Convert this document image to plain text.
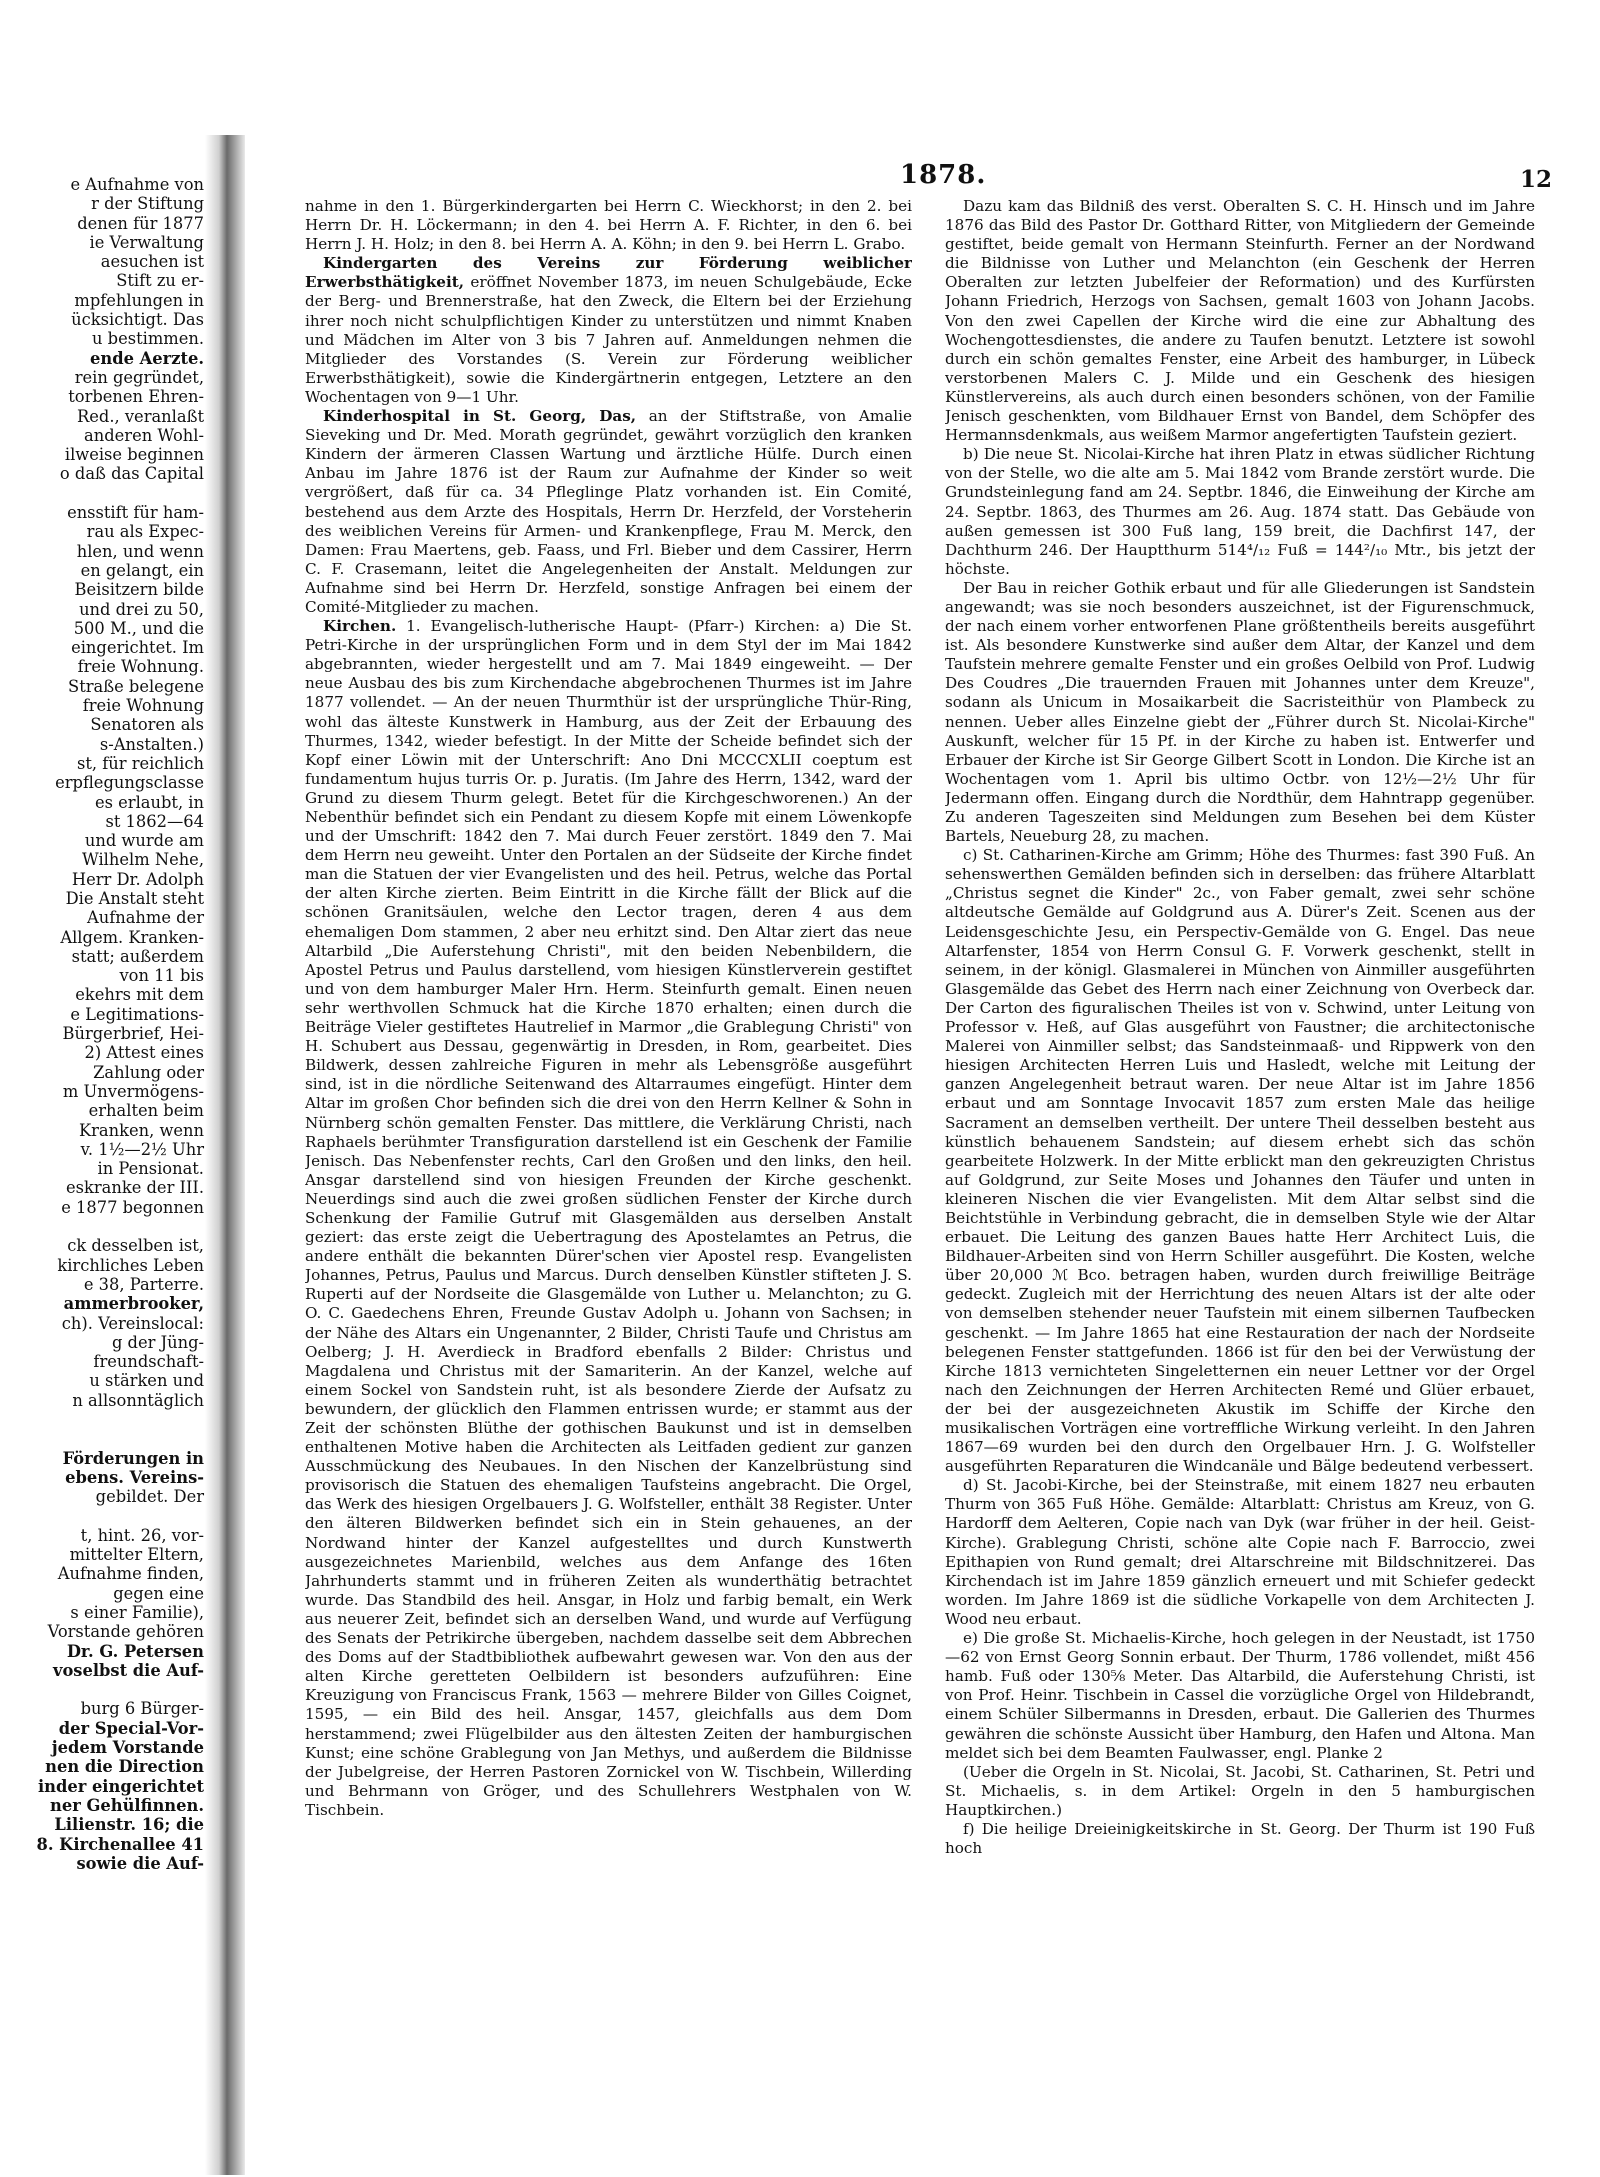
e Aufnahme von
r der Stiftung
denen für 1877
ie Verwaltung
aesuchen ist
Stift zu er-
mpfehlungen in
ücksichtigt. Das
u bestimmen.
ende Aerzte.
rein gegründet,
torbenen Ehren-
Red., veranlaßt
anderen Wohl-
ilweise beginnen
o daß das Capital

ensstift für ham-
rau als Expec-
hlen, und wenn
en gelangt, ein
Beisitzern bilde
und drei zu 50,
500 M., und die
eingerichtet. Im
freie Wohnung.
Straße belegene
freie Wohnung
Senatoren als
s-Anstalten.)
st, für reichlich
erpflegungsclasse
es erlaubt, in
st 1862—64
und wurde am
Wilhelm Nehe,
Herr Dr. Adolph
Die Anstalt steht
Aufnahme der
Allgem. Kranken-
statt; außerdem
von 11 bis
ekehrs mit dem
e Legitimations-
Bürgerbrief, Hei-
2) Attest eines
Zahlung oder
m Unvermögens-
erhalten beim
Kranken, wenn
v. 1½—2½ Uhr
in Pensionat.
eskranke der III.
e 1877 begonnen

ck desselben ist,
kirchliches Leben
e 38, Parterre.
ammerbrooker,
ch). Vereinslocal:
g der Jüng-
freundschaft-
u stärken und
n allsonntäglich

Förderungen in
ebens. Vereins-
gebildet. Der

t, hint. 26, vor-
mittelter Eltern,
Aufnahme finden,
gegen eine
s einer Familie),
Vorstande gehören
Dr. G. Petersen
voselbst die Auf-

burg 6 Bürger-
der Special-Vor-
jedem Vorstande
nen die Direction
inder eingerichtet
ner Gehülfinnen.
Lilienstr. 16; die
8. Kirchenallee 41
sowie die Auf-
1878.	12

nahme in den 1. Bürgerkindergarten bei Herrn C. Wieckhorst; in den 2. bei Herrn Dr. H. Löckermann; in den 4. bei Herrn A. F. Richter, in den 6. bei Herrn J. H. Holz; in den 8. bei Herrn A. A. Köhn; in den 9. bei Herrn L. Grabo.

Kindergarten des Vereins zur Förderung weiblicher Erwerbsthätigkeit, eröffnet November 1873, im neuen Schulgebäude, Ecke der Berg- und Brennerstraße, hat den Zweck, die Eltern bei der Erziehung ihrer noch nicht schulpflichtigen Kinder zu unterstützen und nimmt Knaben und Mädchen im Alter von 3 bis 7 Jahren auf. Anmeldungen nehmen die Mitglieder des Vorstandes (S. Verein zur Förderung weiblicher Erwerbsthätigkeit), sowie die Kindergärtnerin entgegen, Letztere an den Wochentagen von 9—1 Uhr.

Kinderhospital in St. Georg, Das, an der Stiftstraße, von Amalie Sieveking und Dr. Med. Morath gegründet, gewährt vorzüglich den kranken Kindern der ärmeren Classen Wartung und ärztliche Hülfe. Durch einen Anbau im Jahre 1876 ist der Raum zur Aufnahme der Kinder so weit vergrößert, daß für ca. 34 Pfleglinge Platz vorhanden ist. Ein Comité, bestehend aus dem Arzte des Hospitals, Herrn Dr. Herzfeld, der Vorsteherin des weiblichen Vereins für Armen- und Krankenpflege, Frau M. Merck, den Damen: Frau Maertens, geb. Faass, und Frl. Bieber und dem Cassirer, Herrn C. F. Crasemann, leitet die Angelegenheiten der Anstalt. Meldungen zur Aufnahme sind bei Herrn Dr. Herzfeld, sonstige Anfragen bei einem der Comité-Mitglieder zu machen.

Kirchen. 1. Evangelisch-lutherische Haupt- (Pfarr-) Kirchen: a) Die St. Petri-Kirche in der ursprünglichen Form und in dem Styl der im Mai 1842 abgebrannten, wieder hergestellt und am 7. Mai 1849 eingeweiht. — Der neue Ausbau des bis zum Kirchendache abgebrochenen Thurmes ist im Jahre 1877 vollendet. — An der neuen Thurmthür ist der ursprüngliche Thür-Ring, wohl das älteste Kunstwerk in Hamburg, aus der Zeit der Erbauung des Thurmes, 1342, wieder befestigt. In der Mitte der Scheide befindet sich der Kopf einer Löwin mit der Unterschrift: Ano Dni MCCCXLII coeptum est fundamentum hujus turris Or. p. Juratis. (Im Jahre des Herrn, 1342, ward der Grund zu diesem Thurm gelegt. Betet für die Kirchgeschworenen.) An der Nebenthür befindet sich ein Pendant zu diesem Kopfe mit einem Löwenkopfe und der Umschrift: 1842 den 7. Mai durch Feuer zerstört. 1849 den 7. Mai dem Herrn neu geweiht. Unter den Portalen an der Südseite der Kirche findet man die Statuen der vier Evangelisten und des heil. Petrus, welche das Portal der alten Kirche zierten. Beim Eintritt in die Kirche fällt der Blick auf die schönen Granitsäulen, welche den Lector tragen, deren 4 aus dem ehemaligen Dom stammen, 2 aber neu erhitzt sind. Den Altar ziert das neue Altarbild „Die Auferstehung Christi", mit den beiden Nebenbildern, die Apostel Petrus und Paulus darstellend, vom hiesigen Künstlerverein gestiftet und von dem hamburger Maler Hrn. Herm. Steinfurth gemalt. Einen neuen sehr werthvollen Schmuck hat die Kirche 1870 erhalten; einen durch die Beiträge Vieler gestiftetes Hautrelief in Marmor „die Grablegung Christi" von H. Schubert aus Dessau, gegenwärtig in Dresden, in Rom, gearbeitet. Dies Bildwerk, dessen zahlreiche Figuren in mehr als Lebensgröße ausgeführt sind, ist in die nördliche Seitenwand des Altarraumes eingefügt. Hinter dem Altar im großen Chor befinden sich die drei von den Herrn Kellner & Sohn in Nürnberg schön gemalten Fenster. Das mittlere, die Verklärung Christi, nach Raphaels berühmter Transfiguration darstellend ist ein Geschenk der Familie Jenisch. Das Nebenfenster rechts, Carl den Großen und den links, den heil. Ansgar darstellend sind von hiesigen Freunden der Kirche geschenkt. Neuerdings sind auch die zwei großen südlichen Fenster der Kirche durch Schenkung der Familie Gutruf mit Glasgemälden aus derselben Anstalt geziert: das erste zeigt die Uebertragung des Apostelamtes an Petrus, die andere enthält die bekannten Dürer'schen vier Apostel resp. Evangelisten Johannes, Petrus, Paulus und Marcus. Durch denselben Künstler stifteten J. S. Ruperti auf der Nordseite die Glasgemälde von Luther u. Melanchton; zu G. O. C. Gaedechens Ehren, Freunde Gustav Adolph u. Johann von Sachsen; in der Nähe des Altars ein Ungenannter, 2 Bilder, Christi Taufe und Christus am Oelberg; J. H. Averdieck in Bradford ebenfalls 2 Bilder: Christus und Magdalena und Christus mit der Samariterin. An der Kanzel, welche auf einem Sockel von Sandstein ruht, ist als besondere Zierde der Aufsatz zu bewundern, der glücklich den Flammen entrissen wurde; er stammt aus der Zeit der schönsten Blüthe der gothischen Baukunst und ist in demselben enthaltenen Motive haben die Architecten als Leitfaden gedient zur ganzen Ausschmückung des Neubaues. In den Nischen der Kanzelbrüstung sind provisorisch die Statuen des ehemaligen Taufsteins angebracht. Die Orgel, das Werk des hiesigen Orgelbauers J. G. Wolfsteller, enthält 38 Register. Unter den älteren Bildwerken befindet sich ein in Stein gehauenes, an der Nordwand hinter der Kanzel aufgestelltes und durch Kunstwerth ausgezeichnetes Marienbild, welches aus dem Anfange des 16ten Jahrhunderts stammt und in früheren Zeiten als wunderthätig betrachtet wurde. Das Standbild des heil. Ansgar, in Holz und farbig bemalt, ein Werk aus neuerer Zeit, befindet sich an derselben Wand, und wurde auf Verfügung des Senats der Petrikirche übergeben, nachdem dasselbe seit dem Abbrechen des Doms auf der Stadtbibliothek aufbewahrt gewesen war. Von den aus der alten Kirche geretteten Oelbildern ist besonders aufzuführen: Eine Kreuzigung von Franciscus Frank, 1563 — mehrere Bilder von Gilles Coignet, 1595, — ein Bild des heil. Ansgar, 1457, gleichfalls aus dem Dom herstammend; zwei Flügelbilder aus den ältesten Zeiten der hamburgischen Kunst; eine schöne Grablegung von Jan Methys, und außerdem die Bildnisse der Jubelgreise, der Herren Pastoren Zornickel von W. Tischbein, Willerding und Behrmann von Gröger, und des Schullehrers Westphalen von W. Tischbein.

Dazu kam das Bildniß des verst. Oberalten S. C. H. Hinsch und im Jahre 1876 das Bild des Pastor Dr. Gotthard Ritter, von Mitgliedern der Gemeinde gestiftet, beide gemalt von Hermann Steinfurth. Ferner an der Nordwand die Bildnisse von Luther und Melanchton (ein Geschenk der Herren Oberalten zur letzten Jubelfeier der Reformation) und des Kurfürsten Johann Friedrich, Herzogs von Sachsen, gemalt 1603 von Johann Jacobs. Von den zwei Capellen der Kirche wird die eine zur Abhaltung des Wochengottesdienstes, die andere zu Taufen benutzt. Letztere ist sowohl durch ein schön gemaltes Fenster, eine Arbeit des hamburger, in Lübeck verstorbenen Malers C. J. Milde und ein Geschenk des hiesigen Künstlervereins, als auch durch einen besonders schönen, von der Familie Jenisch geschenkten, vom Bildhauer Ernst von Bandel, dem Schöpfer des Hermannsdenkmals, aus weißem Marmor angefertigten Taufstein geziert.

b) Die neue St. Nicolai-Kirche hat ihren Platz in etwas südlicher Richtung von der Stelle, wo die alte am 5. Mai 1842 vom Brande zerstört wurde. Die Grundsteinlegung fand am 24. Septbr. 1846, die Einweihung der Kirche am 24. Septbr. 1863, des Thurmes am 26. Aug. 1874 statt. Das Gebäude von außen gemessen ist 300 Fuß lang, 159 breit, die Dachfirst 147, der Dachthurm 246. Der Hauptthurm 514⁴/₁₂ Fuß = 144²/₁₀ Mtr., bis jetzt der höchste.

Der Bau in reicher Gothik erbaut und für alle Gliederungen ist Sandstein angewandt; was sie noch besonders auszeichnet, ist der Figurenschmuck, der nach einem vorher entworfenen Plane größtentheils bereits ausgeführt ist. Als besondere Kunstwerke sind außer dem Altar, der Kanzel und dem Taufstein mehrere gemalte Fenster und ein großes Oelbild von Prof. Ludwig Des Coudres „Die trauernden Frauen mit Johannes unter dem Kreuze", sodann als Unicum in Mosaikarbeit die Sacristeithür von Plambeck zu nennen. Ueber alles Einzelne giebt der „Führer durch St. Nicolai-Kirche" Auskunft, welcher für 15 Pf. in der Kirche zu haben ist. Entwerfer und Erbauer der Kirche ist Sir George Gilbert Scott in London. Die Kirche ist an Wochentagen vom 1. April bis ultimo Octbr. von 12½—2½ Uhr für Jedermann offen. Eingang durch die Nordthür, dem Hahntrapp gegenüber. Zu anderen Tageszeiten sind Meldungen zum Besehen bei dem Küster Bartels, Neueburg 28, zu machen.

c) St. Catharinen-Kirche am Grimm; Höhe des Thurmes: fast 390 Fuß. An sehenswerthen Gemälden befinden sich in derselben: das frühere Altarblatt „Christus segnet die Kinder" 2c., von Faber gemalt, zwei sehr schöne altdeutsche Gemälde auf Goldgrund aus A. Dürer's Zeit. Scenen aus der Leidensgeschichte Jesu, ein Perspectiv-Gemälde von G. Engel. Das neue Altarfenster, 1854 von Herrn Consul G. F. Vorwerk geschenkt, stellt in seinem, in der königl. Glasmalerei in München von Ainmiller ausgeführten Glasgemälde das Gebet des Herrn nach einer Zeichnung von Overbeck dar. Der Carton des figuralischen Theiles ist von v. Schwind, unter Leitung von Professor v. Heß, auf Glas ausgeführt von Faustner; die architectonische Malerei von Ainmiller selbst; das Sandsteinmaaß- und Rippwerk von den hiesigen Architecten Herren Luis und Hasledt, welche mit Leitung der ganzen Angelegenheit betraut waren. Der neue Altar ist im Jahre 1856 erbaut und am Sonntage Invocavit 1857 zum ersten Male das heilige Sacrament an demselben vertheilt. Der untere Theil desselben besteht aus künstlich behauenem Sandstein; auf diesem erhebt sich das schön gearbeitete Holzwerk. In der Mitte erblickt man den gekreuzigten Christus auf Goldgrund, zur Seite Moses und Johannes den Täufer und unten in kleineren Nischen die vier Evangelisten. Mit dem Altar selbst sind die Beichtstühle in Verbindung gebracht, die in demselben Style wie der Altar erbauet. Die Leitung des ganzen Baues hatte Herr Architect Luis, die Bildhauer-Arbeiten sind von Herrn Schiller ausgeführt. Die Kosten, welche über 20,000 ℳ Bco. betragen haben, wurden durch freiwillige Beiträge gedeckt. Zugleich mit der Herrichtung des neuen Altars ist der alte oder von demselben stehender neuer Taufstein mit einem silbernen Taufbecken geschenkt. — Im Jahre 1865 hat eine Restauration der nach der Nordseite belegenen Fenster stattgefunden. 1866 ist für den bei der Verwüstung der Kirche 1813 vernichteten Singeletternen ein neuer Lettner vor der Orgel nach den Zeichnungen der Herren Architecten Remé und Glüer erbauet, der bei der ausgezeichneten Akustik im Schiffe der Kirche den musikalischen Vorträgen eine vortreffliche Wirkung verleiht. In den Jahren 1867—69 wurden bei den durch den Orgelbauer Hrn. J. G. Wolfsteller ausgeführten Reparaturen die Windcanäle und Bälge bedeutend verbessert.

d) St. Jacobi-Kirche, bei der Steinstraße, mit einem 1827 neu erbauten Thurm von 365 Fuß Höhe. Gemälde: Altarblatt: Christus am Kreuz, von G. Hardorff dem Aelteren, Copie nach van Dyk (war früher in der heil. Geist-Kirche). Grablegung Christi, schöne alte Copie nach F. Barroccio, zwei Epithapien von Rund gemalt; drei Altarschreine mit Bildschnitzerei. Das Kirchendach ist im Jahre 1859 gänzlich erneuert und mit Schiefer gedeckt worden. Im Jahre 1869 ist die südliche Vorkapelle von dem Architecten J. Wood neu erbaut.

e) Die große St. Michaelis-Kirche, hoch gelegen in der Neustadt, ist 1750—62 von Ernst Georg Sonnin erbaut. Der Thurm, 1786 vollendet, mißt 456 hamb. Fuß oder 130⅝ Meter. Das Altarbild, die Auferstehung Christi, ist von Prof. Heinr. Tischbein in Cassel die vorzügliche Orgel von Hildebrandt, einem Schüler Silbermanns in Dresden, erbaut. Die Gallerien des Thurmes gewähren die schönste Aussicht über Hamburg, den Hafen und Altona. Man meldet sich bei dem Beamten Faulwasser, engl. Planke 2

(Ueber die Orgeln in St. Nicolai, St. Jacobi, St. Catharinen, St. Petri und St. Michaelis, s. in dem Artikel: Orgeln in den 5 hamburgischen Hauptkirchen.)

f) Die heilige Dreieinigkeitskirche in St. Georg. Der Thurm ist 190 Fuß hoch
